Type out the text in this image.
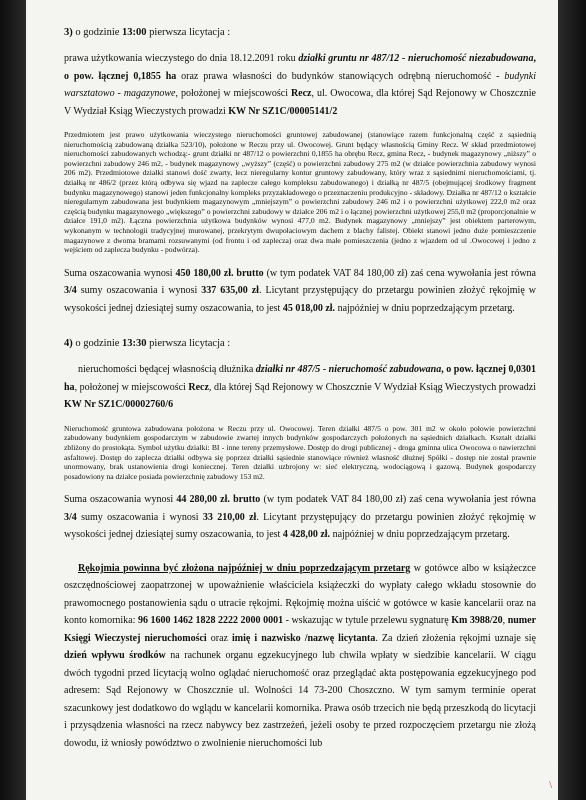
3) o godzinie 13:00 pierwsza licytacja :

prawa użytkowania wieczystego do dnia 18.12.2091 roku działki gruntu nr 487/12 - nieruchomość niezabudowana, o pow. łącznej 0,1855 ha oraz prawa własności do budynków stanowiących odrębną nieruchomość - budynki warsztatowo - magazynowe, położonej w miejscowości Recz, ul. Owocowa, dla której Sąd Rejonowy w Choszcznie V Wydział Ksiąg Wieczystych prowadzi KW Nr SZ1C/00005141/2

Przedmiotem jest prawo użytkowania wieczystego nieruchomości gruntowej zabudowanej (stanowiące razem funkcjonalną część z sąsiednią nieruchomością zabudowaną działka 523/10), położone w Reczu przy ul. Owocowej. Grunt będący własnością Gminy Recz. W skład przedmiotowej nieruchomości zabudowanych wchodzą:- grunt działki nr 487/12 o powierzchni 0,1855 ha obrębu Recz, gmina Recz, - budynek magazynowy „niższy” o powierzchni zabudowy 246 m2, - budynek magazynowy „wyższy” (część) o powierzchni zabudowy 275 m2 (w działce powierzchnia zabudowy wynosi 206 m2). Przedmiotowe działki stanowi dość zwarty, lecz nieregularny kontur gruntowy zabudowany, który wraz z sąsiednimi nieruchomościami, tj. działką nr 486/2 (przez którą odbywa się wjazd na zaplecze całego kompleksu zabudowanego) i działką nr 487/5 (obejmującej środkowy fragment budynku magazynowego) stanowi jeden funkcjonalny kompleks przyzakładowego o przeznaczeniu produkcyjno - składowy. Działka nr 487/12 o kształcie nieregularnym zabudowana jest budynkiem magazynowym „mniejszym” o powierzchni zabudowy 246 m2 i o powierzchni użytkowej 222,0 m2 oraz częścią budynku magazynowego „większego” o powierzchni zabudowy w działce 206 m2 i o łącznej powierzchni użytkowej 255,0 m2 (proporcjonalnie w działce 191,0 m2). Łączna powierzchnia użytkowa budynków wynosi 477,0 m2. Budynek magazynowy „mniejszy” jest obiektem parterowym, wykonanym w technologii tradycyjnej murowanej, przekrytym dwupołaciowym dachem z blachy falistej. Obiekt stanowi jedno duże pomieszczenie magazynowe z dwoma bramami rozsuwanymi (od frontu i od zaplecza) oraz dwa małe pomieszczenia (jedno z wjazdem od ul .Owocowej i jedno z wejściem od zaplecza budynku - podwórza).

Suma oszacowania wynosi 450 180,00 zł. brutto (w tym podatek VAT 84 180,00 zł) zaś cena wywołania jest równa 3/4 sumy oszacowania i wynosi 337 635,00 zł. Licytant przystępujący do przetargu powinien złożyć rękojmię w wysokości jednej dziesiątej sumy oszacowania, to jest 45 018,00 zł. najpóźniej w dniu poprzedzającym przetarg.

4) o godzinie 13:30 pierwsza licytacja :

nieruchomości będącej własnością dłużnika działki nr 487/5 - nieruchomość zabudowana, o pow. łącznej 0,0301 ha, położonej w miejscowości Recz, dla której Sąd Rejonowy w Choszcznie V Wydział Ksiąg Wieczystych prowadzi KW Nr SZ1C/00002760/6

Nieruchomość gruntowa zabudowana położona w Reczu przy ul. Owocowej. Teren działki 487/5 o pow. 301 m2 w około połowie powierzchni zabudowany budynkiem gospodarczym w zabudowie zwartej innych budynków gospodarczych położonych na sąsiednich działkach. Kształt działki zbliżony do prostokąta. Symbol użytku działki: BI - inne tereny przemysłowe. Dostęp do drogi publicznej - droga gminna ulica Owocowa o nawierzchni asfaltowej. Dostęp do zaplecza działki odbywa się poprzez działki sąsiednie stanowiące również własność dłużnej Spółki - dostęp nie został prawnie unormowany, brak ustanowienia drogi koniecznej. Teren działki uzbrojony w: sieć elektryczną, wodociągową i gazową. Budynek gospodarczy posadowiony na działce posiada powierzchnię zabudowy 153 m2.

Suma oszacowania wynosi 44 280,00 zł. brutto (w tym podatek VAT 84 180,00 zł) zaś cena wywołania jest równa 3/4 sumy oszacowania i wynosi 33 210,00 zł. Licytant przystępujący do przetargu powinien złożyć rękojmię w wysokości jednej dziesiątej sumy oszacowania, to jest 4 428,00 zł. najpóźniej w dniu poprzedzającym przetarg.

Rękojmia powinna być złożona najpóźniej w dniu poprzedzającym przetarg w gotówce albo w książeczce oszczędnościowej zaopatrzonej w upoważnienie właściciela książeczki do wypłaty całego wkładu stosownie do prawomocnego postanowienia sądu o utracie rękojmi. Rękojmię można uiścić w gotówce w kasie kancelarii oraz na konto komornika: 96 1600 1462 1828 2222 2000 0001 - wskazując w tytule przelewu sygnaturę Km 3988/20, numer Księgi Wieczystej nieruchomości oraz imię i nazwisko /nazwę licytanta. Za dzień złożenia rękojmi uznaje się dzień wpływu środków na rachunek organu egzekucyjnego lub chwila wpłaty w siedzibie kancelarii. W ciągu dwóch tygodni przed licytacją wolno oglądać nieruchomość oraz przeglądać akta postępowania egzekucyjnego pod adresem: Sąd Rejonowy w Choszcznie ul. Wolności 14 73-200 Choszczno. W tym samym terminie operat szacunkowy jest dodatkowo do wglądu w kancelarii komornika. Prawa osób trzecich nie będą przeszkodą do licytacji i przysądzenia własności na rzecz nabywcy bez zastrzeżeń, jeżeli osoby te przed rozpoczęciem przetargu nie złożą dowodu, iż wniosły powództwo o zwolnienie nieruchomości lub

\
